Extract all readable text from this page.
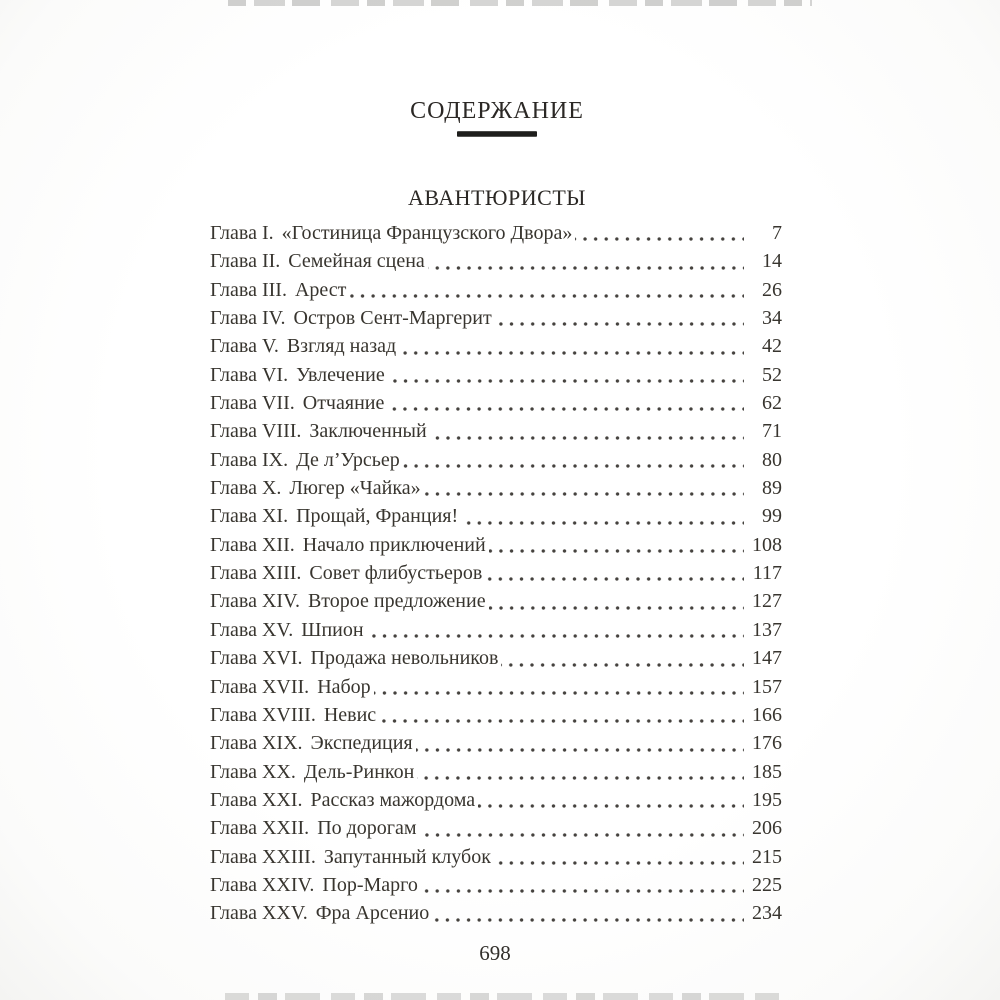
СОДЕРЖАНИЕ
АВАНТЮРИСТЫ
Глава I. «Гостиница Французского Двора»	7
Глава II. Семейная сцена	14
Глава III. Арест	26
Глава IV. Остров Сент-Маргерит	34
Глава V. Взгляд назад	42
Глава VI. Увлечение	52
Глава VII. Отчаяние	62
Глава VIII. Заключенный	71
Глава IX. Де л’Урсьер	80
Глава X. Люгер «Чайка»	89
Глава XI. Прощай, Франция!	99
Глава XII. Начало приключений	108
Глава XIII. Совет флибустьеров	117
Глава XIV. Второе предложение	127
Глава XV. Шпион	137
Глава XVI. Продажа невольников	147
Глава XVII. Набор	157
Глава XVIII. Невис	166
Глава XIX. Экспедиция	176
Глава XX. Дель-Ринкон	185
Глава XXI. Рассказ мажордома	195
Глава XXII. По дорогам	206
Глава XXIII. Запутанный клубок	215
Глава XXIV. Пор-Марго	225
Глава XXV. Фра Арсенио	234
698
